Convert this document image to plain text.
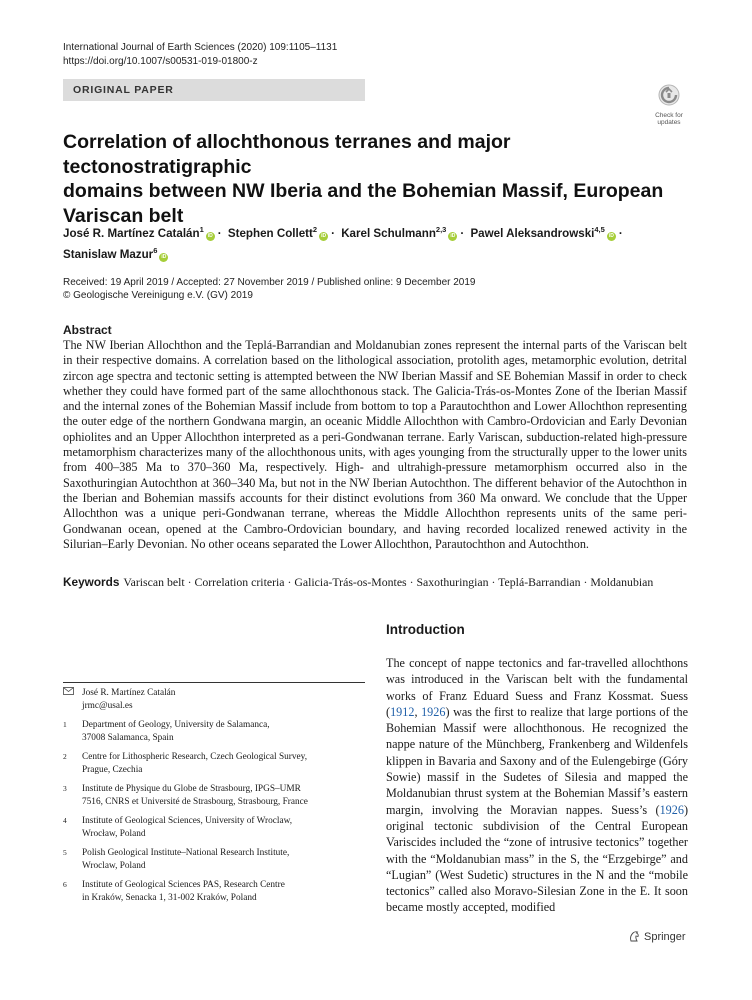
International Journal of Earth Sciences (2020) 109:1105–1131
https://doi.org/10.1007/s00531-019-01800-z
ORIGINAL PAPER
Check for
updates
Correlation of allochthonous terranes and major tectonostratigraphic
domains between NW Iberia and the Bohemian Massif, European
Variscan belt
José R. Martínez Catalán$^1$iD · Stephen Collett$^2$iD · Karel Schulmann$^{2,3}$iD · Pawel Aleksandrowski$^{4,5}$iD ·
Stanislaw Mazur$^6$iD
Received: 19 April 2019 / Accepted: 27 November 2019 / Published online: 9 December 2019
© Geologische Vereinigung e.V. (GV) 2019
Abstract

The NW Iberian Allochthon and the Teplá-Barrandian and Moldanubian zones represent the internal parts of the Variscan belt in their respective domains. A correlation based on the lithological association, protolith ages, metamorphic evolution, detrital zircon age spectra and tectonic setting is attempted between the NW Iberian Massif and SE Bohemian Massif in order to check whether they could have formed part of the same allochthonous stack. The Galicia-Trás-os-Montes Zone of the Iberian Massif and the internal zones of the Bohemian Massif include from bottom to top a Parautochthon and Lower Allochthon representing the outer edge of the northern Gondwana margin, an oceanic Middle Allochthon with Cambro-Ordovician and Early Devonian ophiolites and an Upper Allochthon interpreted as a peri-Gondwanan terrane. Early Variscan, subduction-related high-pressure metamorphism characterizes many of the allochthonous units, with ages younging from the structurally upper to the lower units from 400–385 Ma to 370–360 Ma, respectively. High- and ultrahigh-pressure metamorphism occurred also in the Saxothuringian Autochthon at 360–340 Ma, but not in the NW Iberian Autochthon. The different behavior of the Autochthon in the Iberian and Bohemian massifs accounts for their distinct evolutions from 360 Ma onward. We conclude that the Upper Allochthon was a unique peri-Gondwanan terrane, whereas the Middle Allochthon represents units of the same peri-Gondwanan ocean, opened at the Cambro-Ordovician boundary, and having recorded localized renewed activity in the Silurian–Early Devonian. No other oceans separated the Lower Allochthon, Parautochthon and Autochthon.

Keywords Variscan belt · Correlation criteria · Galicia-Trás-os-Montes · Saxothuringian · Teplá-Barrandian · Moldanubian
Introduction

The concept of nappe tectonics and far-travelled allochthons was introduced in the Variscan belt with the fundamental works of Franz Eduard Suess and Franz Kossmat. Suess (1912, 1926) was the first to realize that large portions of the Bohemian Massif were allochthonous. He recognized the nappe nature of the Münchberg, Frankenberg and Wildenfels klippen in Bavaria and Saxony and of the Eulengebirge (Góry Sowie) massif in the Sudetes of Silesia and mapped the Moldanubian thrust system at the Bohemian Massif’s eastern margin, involving the Moravian nappes. Suess’s (1926) original tectonic subdivision of the Central European Variscides included the “zone of intrusive tectonics” together with the “Moldanubian mass” in the S, the “Erzgebirge” and “Lugian” (West Sudetic) structures in the N and the “mobile tectonics” called also Moravo-Silesian Zone in the E. It soon became mostly accepted, modified

José R. Martínez Catalán
jrmc@usal.es
1	Department of Geology, University de Salamanca,
37008 Salamanca, Spain
2	Centre for Lithospheric Research, Czech Geological Survey,
Prague, Czechia
3	Institute de Physique du Globe de Strasbourg, IPGS–UMR
7516, CNRS et Université de Strasbourg, Strasbourg, France
4	Institute of Geological Sciences, University of Wroclaw,
Wrocław, Poland
5	Polish Geological Institute–National Research Institute,
Wroclaw, Poland
6	Institute of Geological Sciences PAS, Research Centre
in Kraków, Senacka 1, 31-002 Kraków, Poland
Springer
